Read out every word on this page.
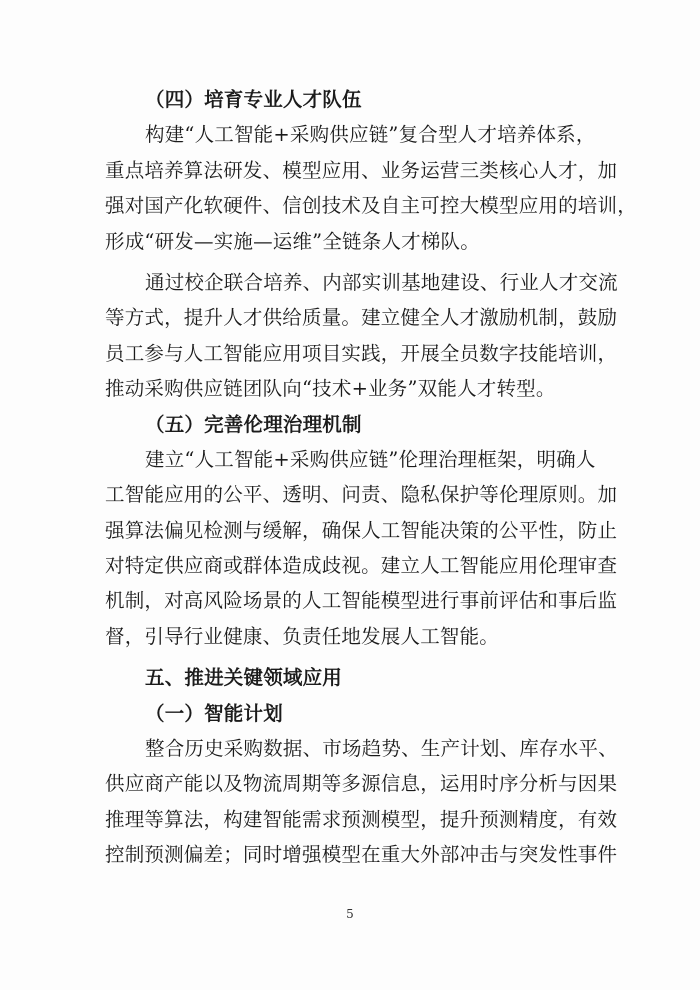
（四）培育专业人才队伍
构建“人工智能+采购供应链”复合型人才培养体系，
重点培养算法研发、模型应用、业务运营三类核心人才，加
强对国产化软硬件、信创技术及自主可控大模型应用的培训，
形成“研发—实施—运维”全链条人才梯队。
通过校企联合培养、内部实训基地建设、行业人才交流
等方式，提升人才供给质量。建立健全人才激励机制，鼓励
员工参与人工智能应用项目实践，开展全员数字技能培训，
推动采购供应链团队向“技术+业务”双能人才转型。
（五）完善伦理治理机制
建立“人工智能+采购供应链”伦理治理框架，明确人
工智能应用的公平、透明、问责、隐私保护等伦理原则。加
强算法偏见检测与缓解，确保人工智能决策的公平性，防止
对特定供应商或群体造成歧视。建立人工智能应用伦理审查
机制，对高风险场景的人工智能模型进行事前评估和事后监
督，引导行业健康、负责任地发展人工智能。
五、推进关键领域应用
（一）智能计划
整合历史采购数据、市场趋势、生产计划、库存水平、
供应商产能以及物流周期等多源信息，运用时序分析与因果
推理等算法，构建智能需求预测模型，提升预测精度，有效
控制预测偏差；同时增强模型在重大外部冲击与突发性事件
5
